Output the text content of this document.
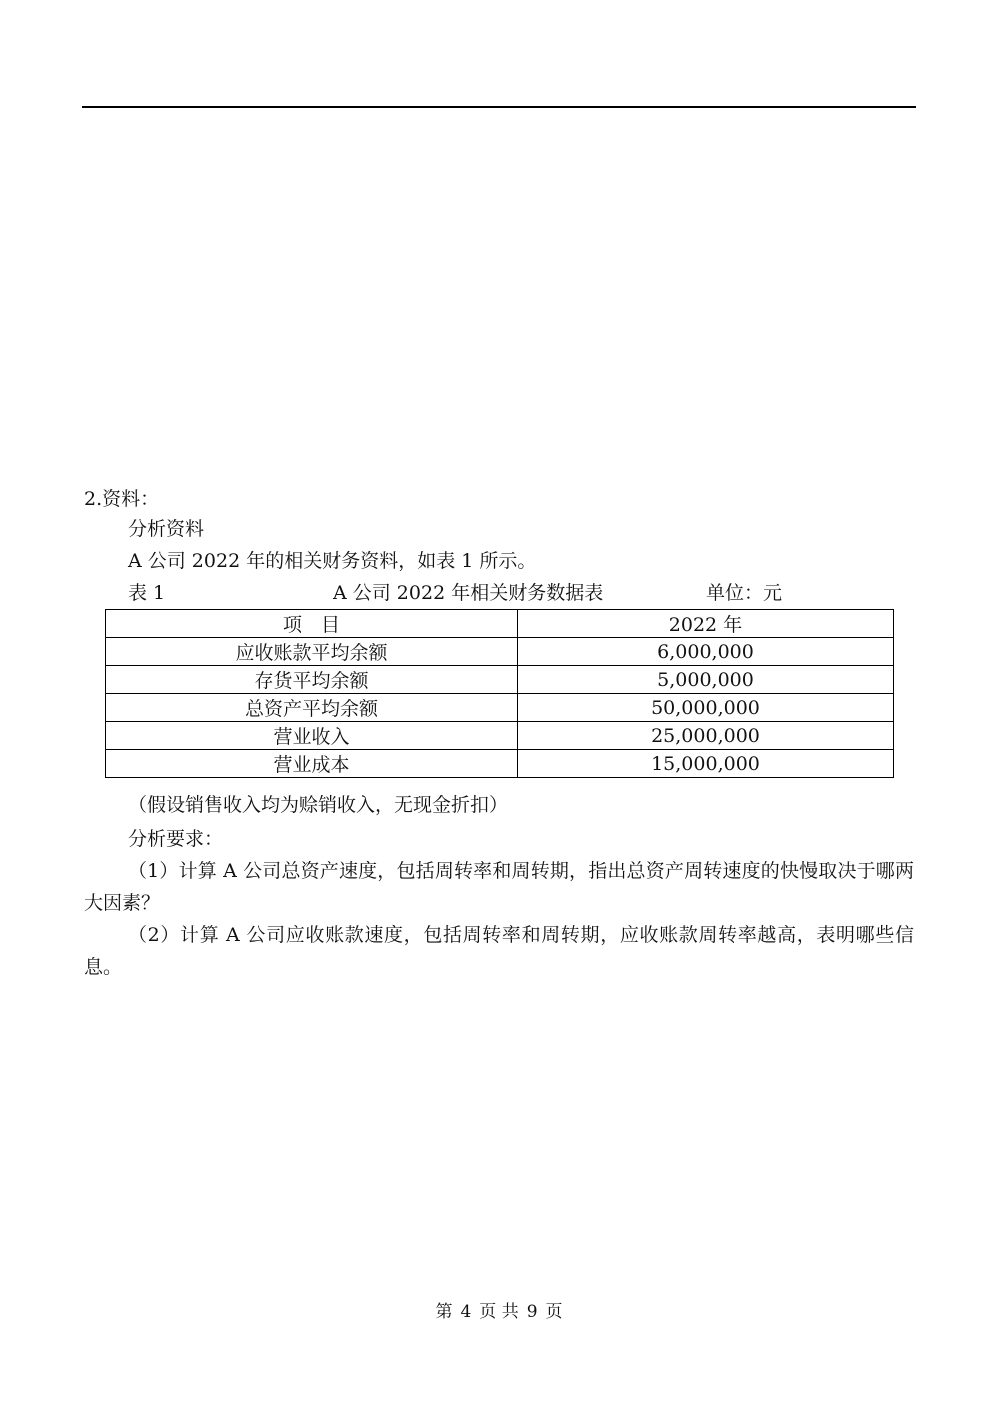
2.资料：
分析资料
A 公司 2022 年的相关财务资料，如表 1 所示。
表 1	A 公司 2022 年相关财务数据表	单位：元
项　目	2022 年
应收账款平均余额	6,000,000
存货平均余额	5,000,000
总资产平均余额	50,000,000
营业收入	25,000,000
营业成本	15,000,000
（假设销售收入均为赊销收入，无现金折扣）
分析要求：
（1）计算 A 公司总资产速度，包括周转率和周转期，指出总资产周转速度的快慢取决于哪两大因素？
（2）计算 A 公司应收账款速度，包括周转率和周转期，应收账款周转率越高，表明哪些信息。
第 4 页 共 9 页
